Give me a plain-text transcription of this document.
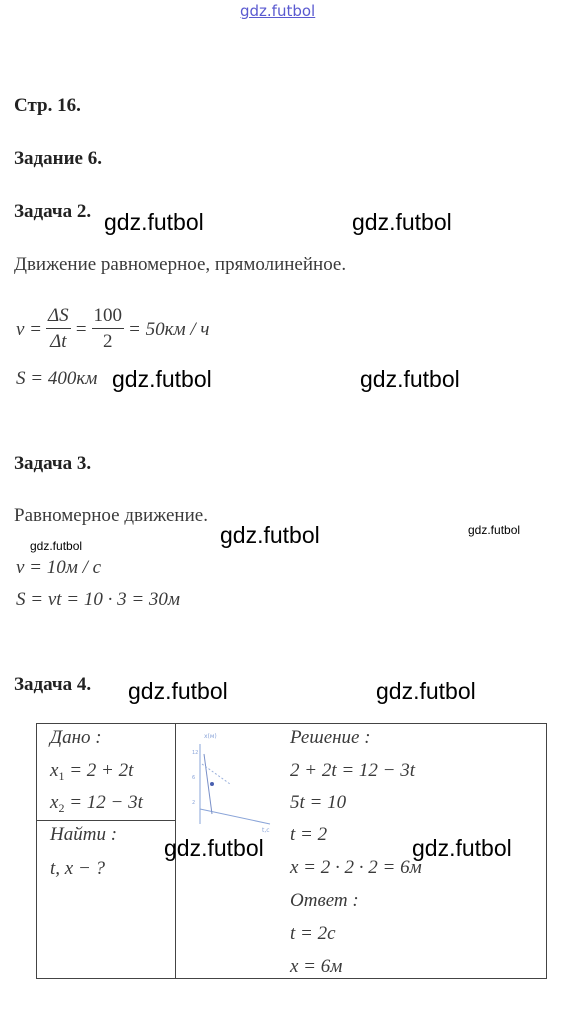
gdz.futbol
Стр. 16.
Задание 6.
Задача 2.
Движение равномерное, прямолинейное.
$v = \frac{\Delta S}{\Delta t} = \frac{100}{2} = 50км / ч$
S = 400км
Задача 3.
Равномерное движение.
v = 10м / с
S = vt = 10 · 3 = 30м
Задача 4.
Дано :
$x_1 = 2 + 2t$
$x_2 = 12 - 3t$
Найти :
t, x − ?
x(м)
t,c
12
6
2
Решение :
2 + 2t = 12 − 3t
5t = 10
t = 2
x = 2 · 2 · 2 = 6м
Ответ :
t = 2c
x = 6м
gdz.futbol	gdz.futbol
gdz.futbol	gdz.futbol
gdz.futbol	gdz.futbol
gdz.futbol
gdz.futbol	gdz.futbol
gdz.futbol	gdz.futbol
